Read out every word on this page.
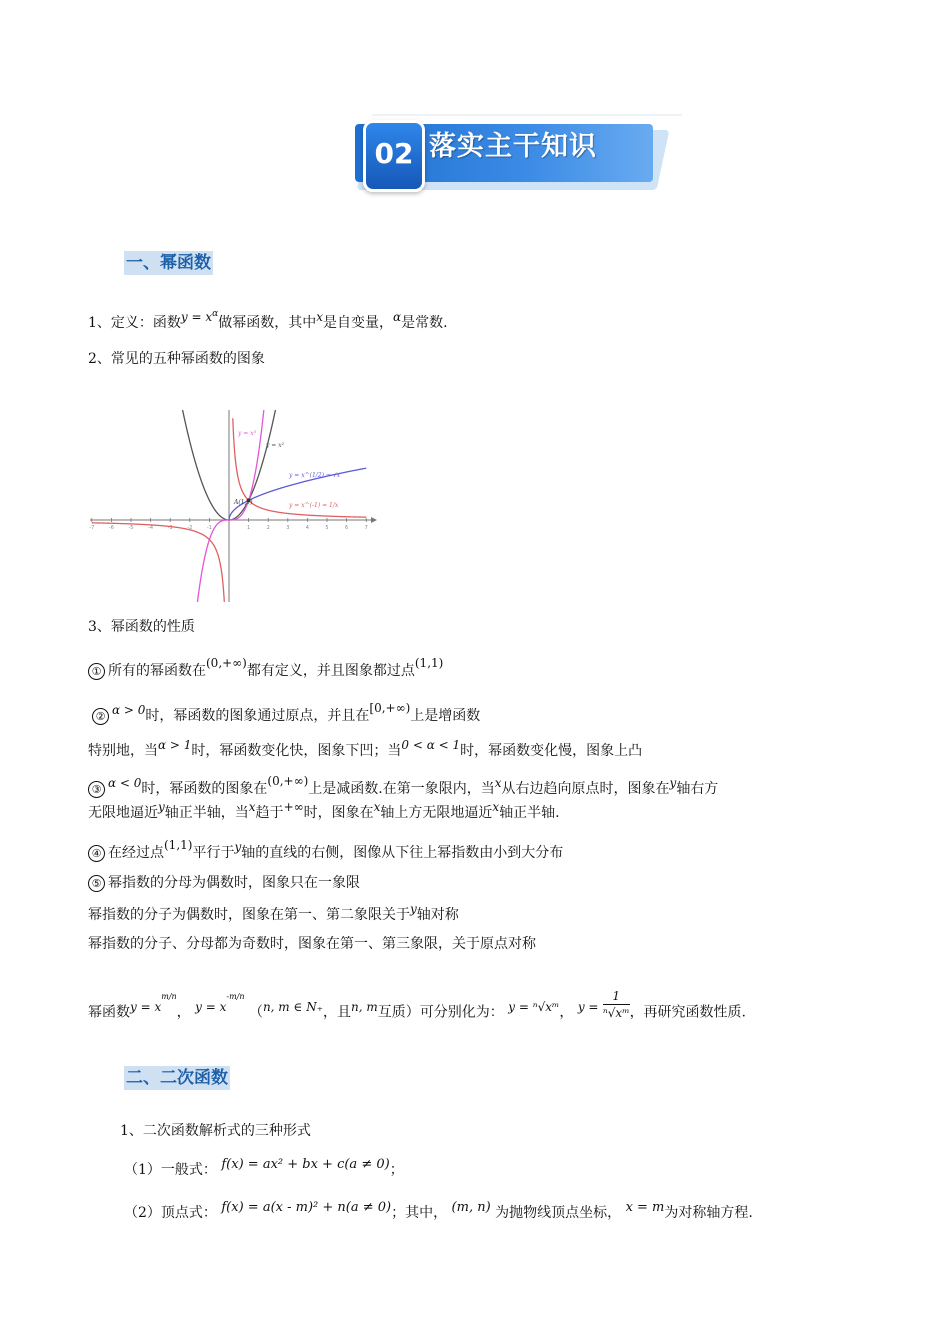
02 落实主干知识
一、幂函数
1、定义：函数$y = x^\alpha$做幂函数，其中x是自变量，α是常数.
2、常见的五种幂函数的图象
-7	-6	-5	-4	-3	-2	-1	1	2	3	4	5	6	7
y = x³
y = x²
y = x^(1/2) = √x
A(1,1)	y = x^(-1) = 1/x
3、幂函数的性质
① 所有的幂函数在(0,+∞)都有定义，并且图象都过点(1,1)
② α > 0时，幂函数的图象通过原点，并且在[0,+∞)上是增函数
特别地，当α > 1时，幂函数变化快，图象下凹；当0 < α < 1时，幂函数变化慢，图象上凸
③ α < 0时，幂函数的图象在(0,+∞)上是减函数.在第一象限内，当x从右边趋向原点时，图象在y轴右方
无限地逼近y轴正半轴，当x趋于+∞时，图象在x轴上方无限地逼近x轴正半轴.
④ 在经过点(1,1)平行于y轴的直线的右侧，图像从下往上幂指数由小到大分布
⑤ 幂指数的分母为偶数时，图象只在一象限
幂指数的分子为偶数时，图象在第一、第二象限关于y轴对称
幂指数的分子、分母都为奇数时，图象在第一、第三象限，关于原点对称
幂函数$y = x^{m/n}$， $y = x^{-m/n}$ （n, m ∈ N₊，且n, m互质）可分别化为： y = ⁿ√xᵐ， $y = \frac{1}{\text{ⁿ√xᵐ}}$ ，再研究函数性质.
二、二次函数
1、二次函数解析式的三种形式
（1）一般式： f(x) = ax² + bx + c(a ≠ 0)；
（2）顶点式： f(x) = a(x - m)² + n(a ≠ 0)；其中， (m, n) 为抛物线顶点坐标， x = m为对称轴方程.
